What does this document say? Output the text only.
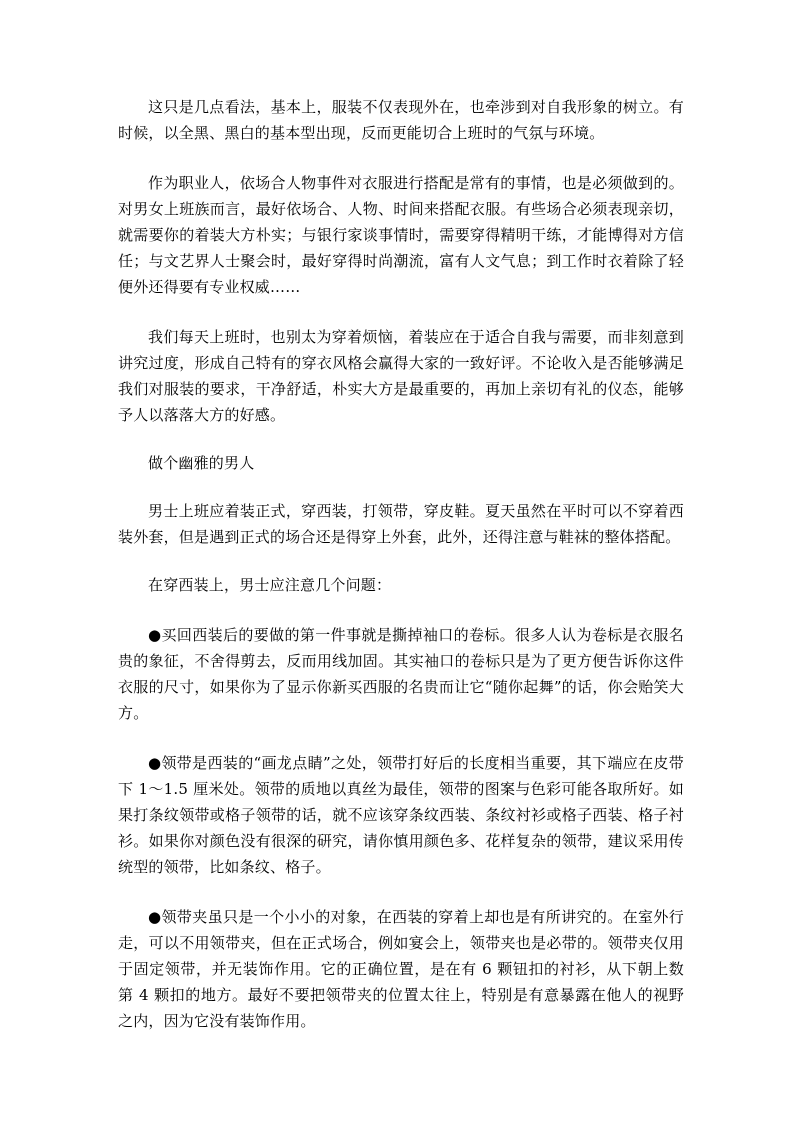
这只是几点看法，基本上，服装不仅表现外在，也牵涉到对自我形象的树立。有时候，以全黑、黑白的基本型出现，反而更能切合上班时的气氛与环境。

作为职业人，依场合人物事件对衣服进行搭配是常有的事情，也是必须做到的。对男女上班族而言，最好依场合、人物、时间来搭配衣服。有些场合必须表现亲切，就需要你的着装大方朴实；与银行家谈事情时，需要穿得精明干练，才能博得对方信任；与文艺界人士聚会时，最好穿得时尚潮流，富有人文气息；到工作时衣着除了轻便外还得要有专业权威……

我们每天上班时，也别太为穿着烦恼，着装应在于适合自我与需要，而非刻意到讲究过度，形成自己特有的穿衣风格会赢得大家的一致好评。不论收入是否能够满足我们对服装的要求，干净舒适，朴实大方是最重要的，再加上亲切有礼的仪态，能够予人以落落大方的好感。

做个幽雅的男人

男士上班应着装正式，穿西装，打领带，穿皮鞋。夏天虽然在平时可以不穿着西装外套，但是遇到正式的场合还是得穿上外套，此外，还得注意与鞋袜的整体搭配。

在穿西装上，男士应注意几个问题：

●买回西装后的要做的第一件事就是撕掉袖口的卷标。很多人认为卷标是衣服名贵的象征，不舍得剪去，反而用线加固。其实袖口的卷标只是为了更方便告诉你这件衣服的尺寸，如果你为了显示你新买西服的名贵而让它“随你起舞”的话，你会贻笑大方。

●领带是西装的“画龙点睛”之处，领带打好后的长度相当重要，其下端应在皮带下 1～1.5 厘米处。领带的质地以真丝为最佳，领带的图案与色彩可能各取所好。如果打条纹领带或格子领带的话，就不应该穿条纹西装、条纹衬衫或格子西装、格子衬衫。如果你对颜色没有很深的研究，请你慎用颜色多、花样复杂的领带，建议采用传统型的领带，比如条纹、格子。

●领带夹虽只是一个小小的对象，在西装的穿着上却也是有所讲究的。在室外行走，可以不用领带夹，但在正式场合，例如宴会上，领带夹也是必带的。领带夹仅用于固定领带，并无装饰作用。它的正确位置，是在有 6 颗钮扣的衬衫，从下朝上数第 4 颗扣的地方。最好不要把领带夹的位置太往上，特别是有意暴露在他人的视野之内，因为它没有装饰作用。
